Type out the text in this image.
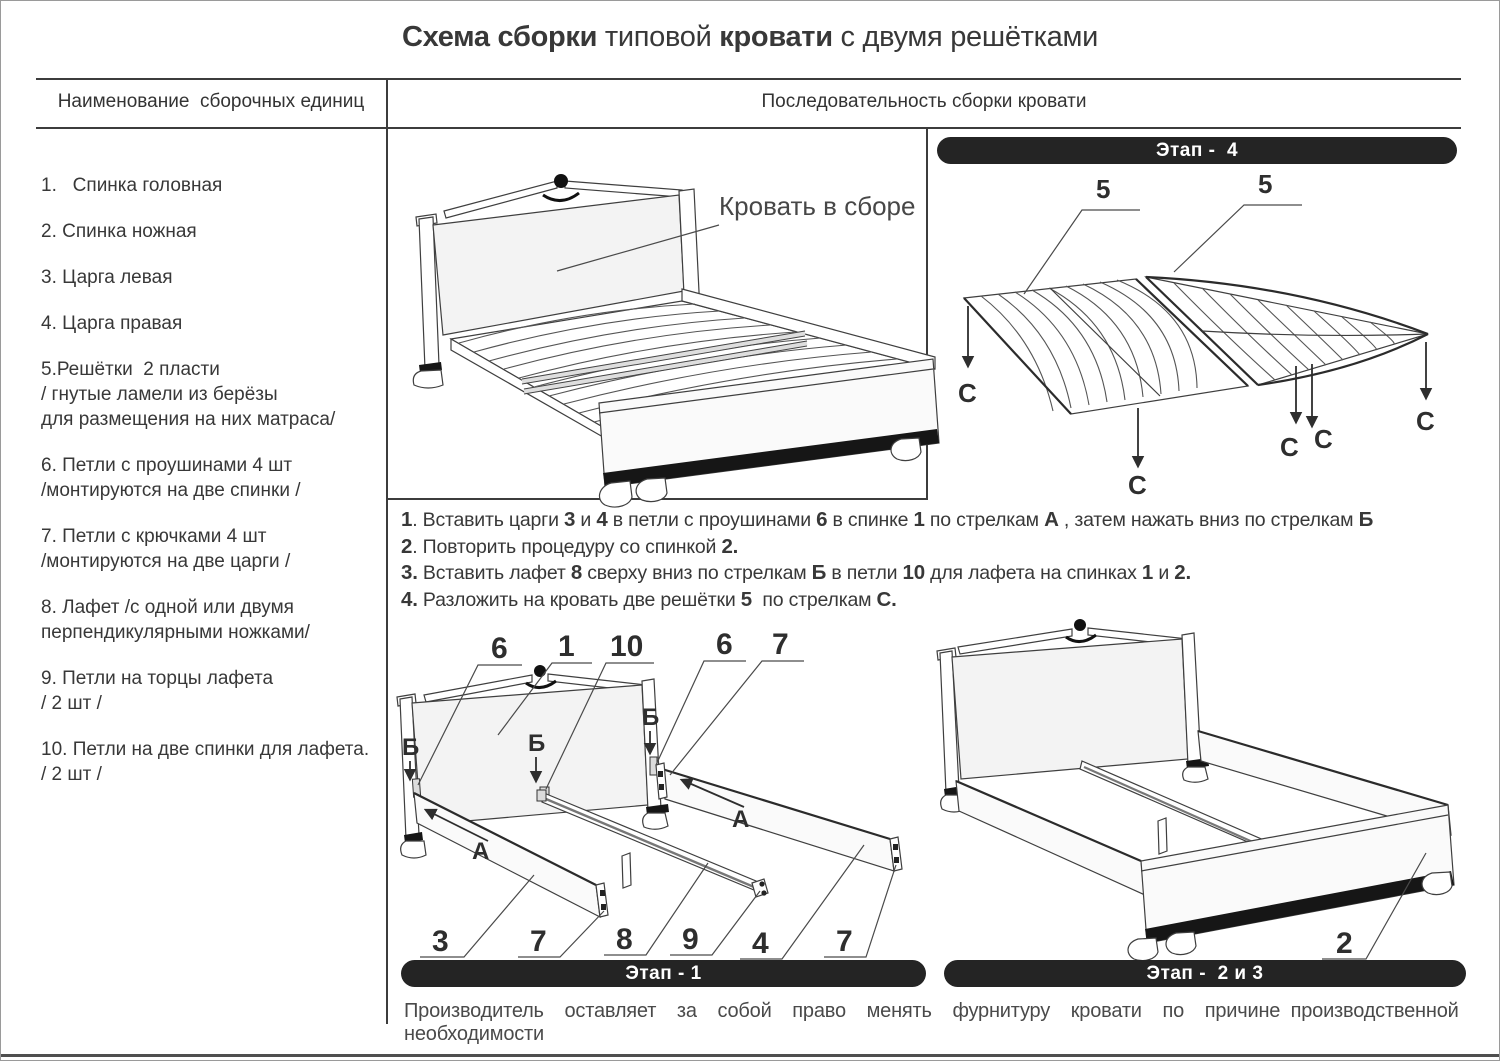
Схема сборки типовой кровати с двумя решётками
Наименование  сборочных единиц	Последовательность сборки кровати
1.   Спинка головная
2. Спинка ножная
3. Царга левая
4. Царга правая
5.Решётки  2 пласти
/ гнутые ламели из берёзы
для размещения на них матраса/
6. Петли с проушинами 4 шт
/монтируются на две спинки /
7. Петли с крючками 4 шт
/монтируются на две царги /
8. Лафет /с одной или двумя
перпендикулярными ножками/
9. Петли на торцы лафета
/ 2 шт /
10. Петли на две спинки для лафета.
/ 2 шт /
Кровать в сборе
Этап -  4
5	5
С
С
С С
С
1. Вставить царги 3 и 4 в петли с проушинами 6 в спинке 1 по стрелкам А , затем нажать вниз по стрелкам Б
2. Повторить процедуру со спинкой 2.
3. Вставить лафет 8 сверху вниз по стрелкам Б в петли 10 для лафета на спинках 1 и 2.
4. Разложить на кровать две решётки 5  по стрелкам С.
А
А
Б	Б
Б
6 1 10 6 7
3	7 8 9 4 7
Этап - 1
2
Этап -  2 и 3
Производитель  оставляет  за  собой  право  менять  фурнитуру  кровати  по  причине производственной необходимости
